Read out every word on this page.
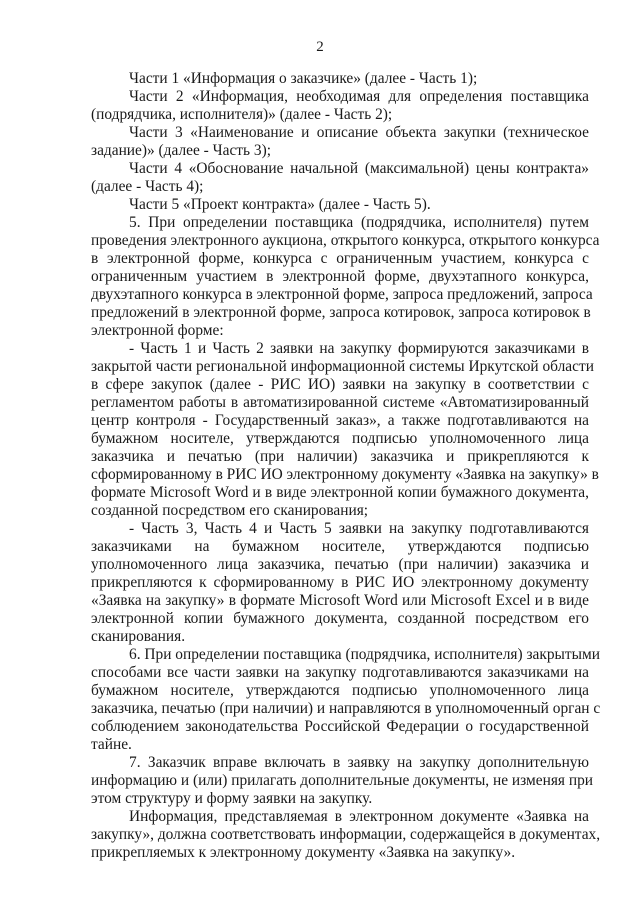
2
Части 1 «Информация о заказчике» (далее - Часть 1);
Части 2 «Информация, необходимая для определения поставщика
(подрядчика, исполнителя)» (далее - Часть 2);
Части 3 «Наименование и описание объекта закупки (техническое
задание)» (далее - Часть 3);
Части 4 «Обоснование начальной (максимальной) цены контракта»
(далее - Часть 4);
Части 5 «Проект контракта» (далее - Часть 5).
5. При определении поставщика (подрядчика, исполнителя) путем
проведения электронного аукциона, открытого конкурса, открытого конкурса
в электронной форме, конкурса с ограниченным участием, конкурса с
ограниченным участием в электронной форме, двухэтапного конкурса,
двухэтапного конкурса в электронной форме, запроса предложений, запроса
предложений в электронной форме, запроса котировок, запроса котировок в
электронной форме:
- Часть 1 и Часть 2 заявки на закупку формируются заказчиками в
закрытой части региональной информационной системы Иркутской области
в сфере закупок (далее - РИС ИО) заявки на закупку в соответствии с
регламентом работы в автоматизированной системе «Автоматизированный
центр контроля - Государственный заказ», а также подготавливаются на
бумажном носителе, утверждаются подписью уполномоченного лица
заказчика и печатью (при наличии) заказчика и прикрепляются к
сформированному в РИС ИО электронному документу «Заявка на закупку» в
формате Microsoft Word и в виде электронной копии бумажного документа,
созданной посредством его сканирования;
- Часть 3, Часть 4 и Часть 5 заявки на закупку подготавливаются
заказчиками на бумажном носителе, утверждаются подписью
уполномоченного лица заказчика, печатью (при наличии) заказчика и
прикрепляются к сформированному в РИС ИО электронному документу
«Заявка на закупку» в формате Microsoft Word или Microsoft Excel и в виде
электронной копии бумажного документа, созданной посредством его
сканирования.
6. При определении поставщика (подрядчика, исполнителя) закрытыми
способами все части заявки на закупку подготавливаются заказчиками на
бумажном носителе, утверждаются подписью уполномоченного лица
заказчика, печатью (при наличии) и направляются в уполномоченный орган с
соблюдением законодательства Российской Федерации о государственной
тайне.
7. Заказчик вправе включать в заявку на закупку дополнительную
информацию и (или) прилагать дополнительные документы, не изменяя при
этом структуру и форму заявки на закупку.
Информация, представляемая в электронном документе «Заявка на
закупку», должна соответствовать информации, содержащейся в документах,
прикрепляемых к электронному документу «Заявка на закупку».
